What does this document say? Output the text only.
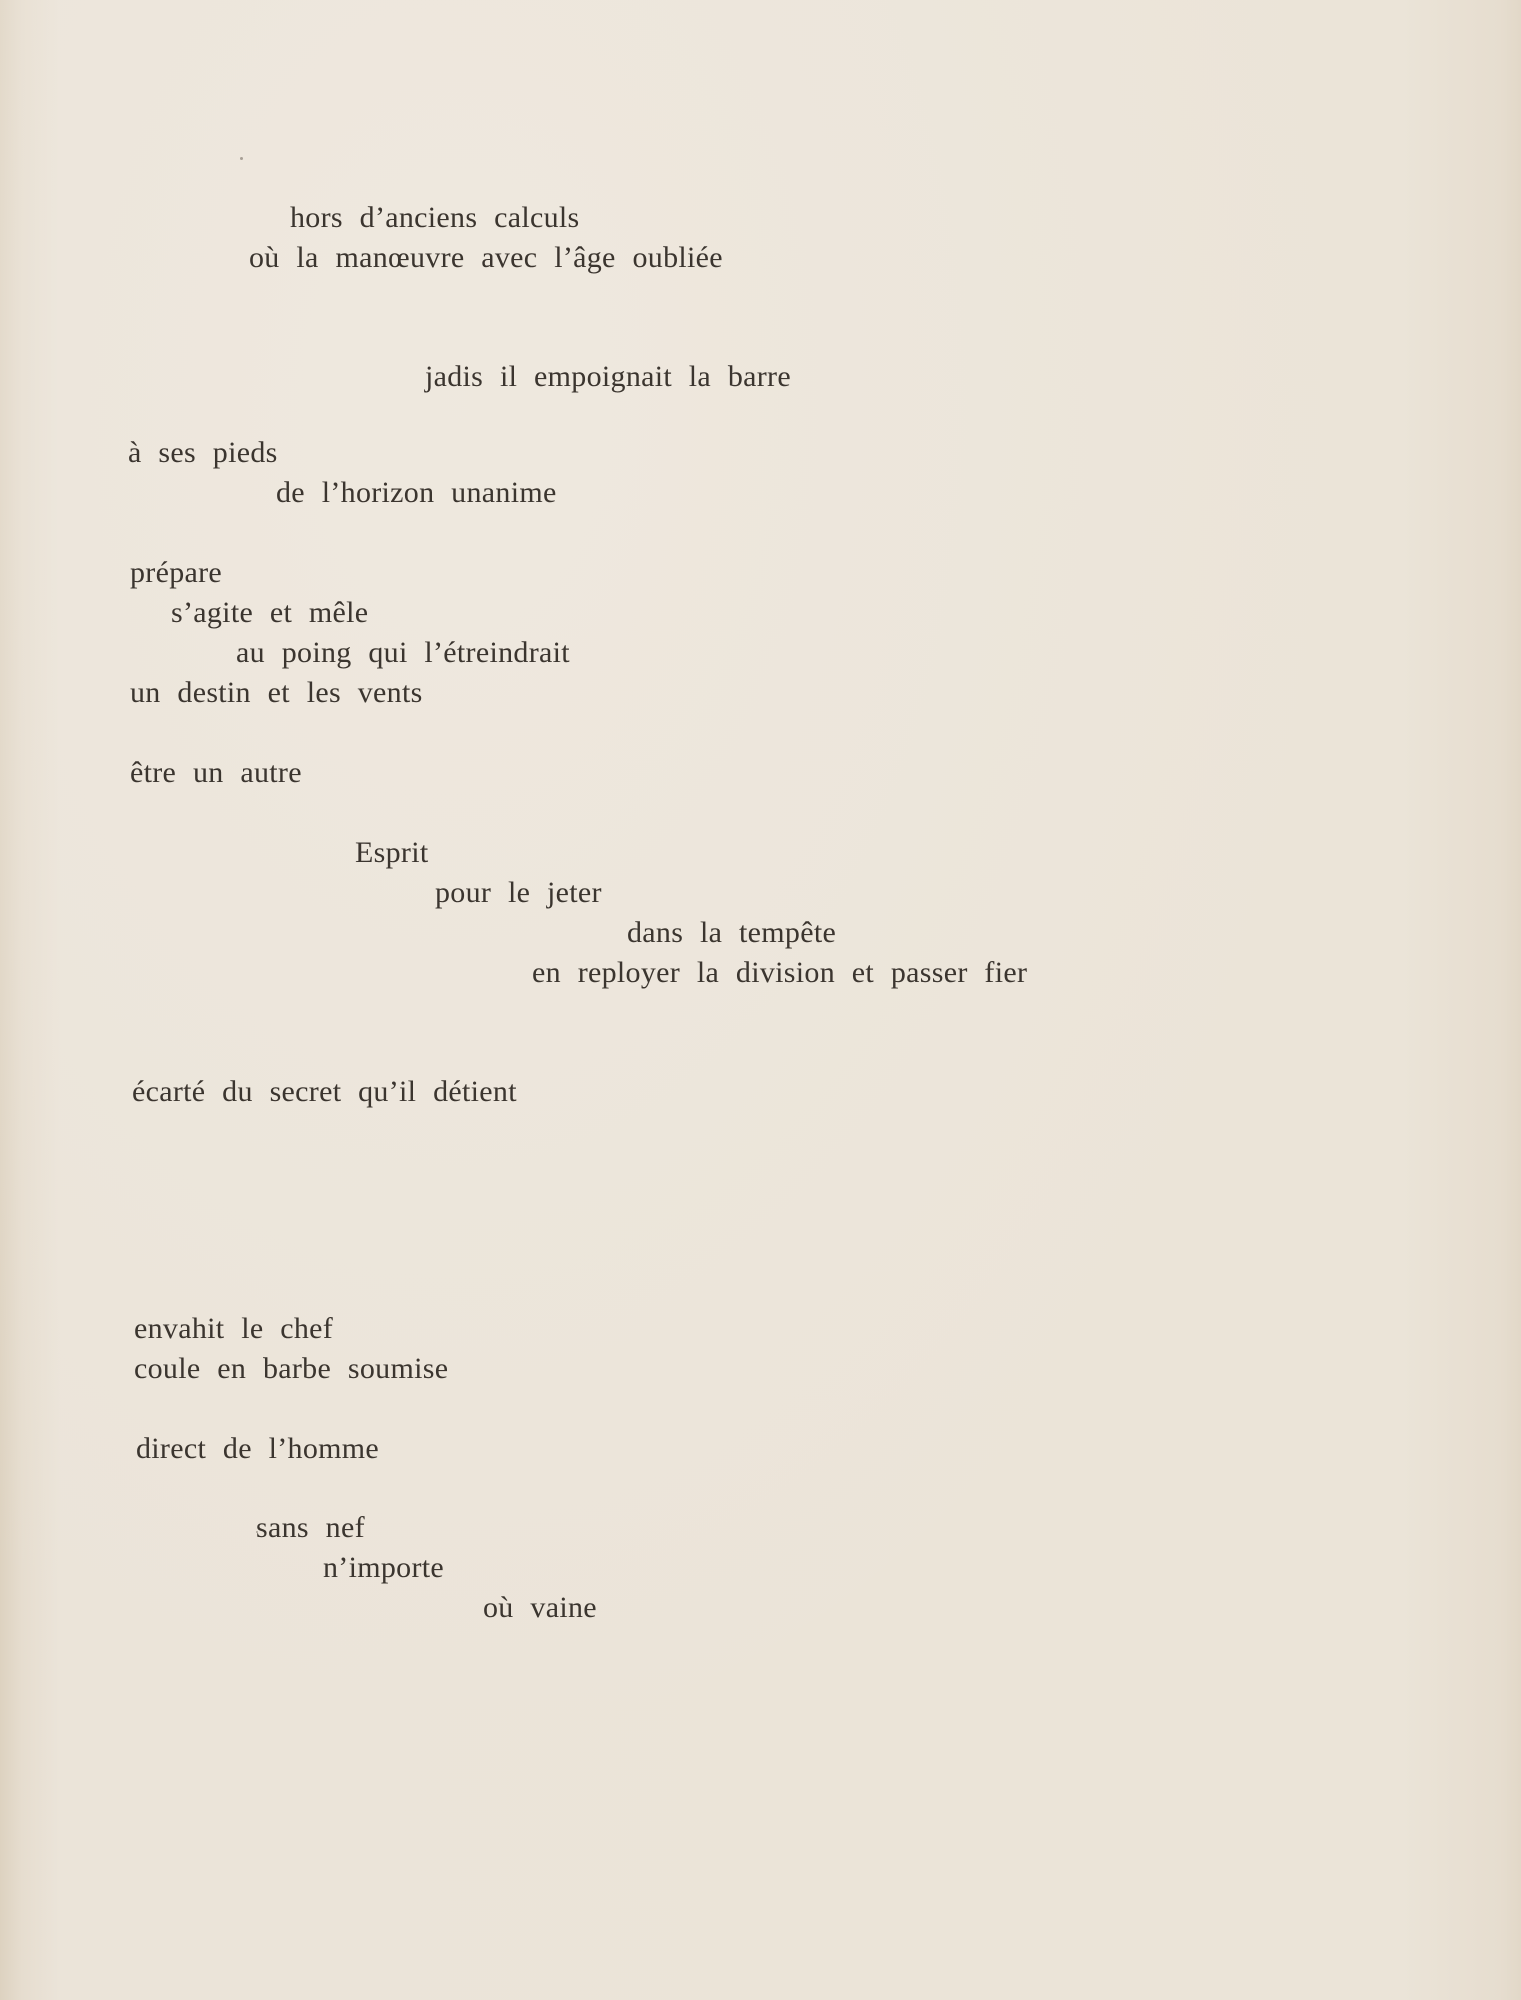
hors d’anciens calculs
où la manœuvre avec l’âge oubliée
jadis il empoignait la barre
à ses pieds
de l’horizon unanime
prépare
s’agite et mêle
au poing qui l’étreindrait
un destin et les vents
être un autre
Esprit
pour le jeter
dans la tempête
en reployer la division et passer fier
écarté du secret qu’il détient
envahit le chef
coule en barbe soumise
direct de l’homme
sans nef
n’importe
où vaine
